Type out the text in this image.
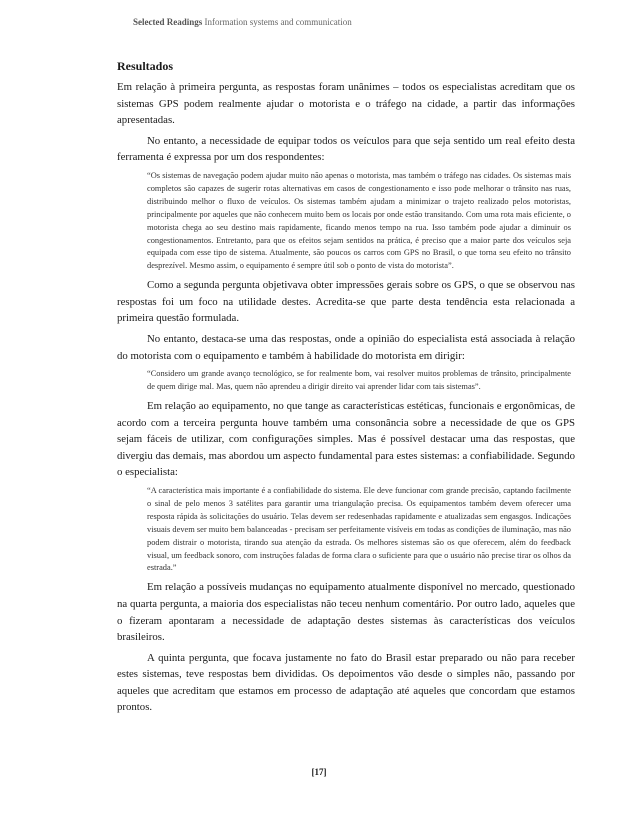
Selected Readings Information systems and communication
Resultados

Em relação à primeira pergunta, as respostas foram unânimes – todos os especialistas acreditam que os sistemas GPS podem realmente ajudar o motorista e o tráfego na cidade, a partir das informações apresentadas.

No entanto, a necessidade de equipar todos os veículos para que seja sentido um real efeito desta ferramenta é expressa por um dos respondentes:

“Os sistemas de navegação podem ajudar muito não apenas o motorista, mas também o tráfego nas cidades. Os sistemas mais completos são capazes de sugerir rotas alternativas em casos de congestionamento e isso pode melhorar o trânsito nas ruas, distribuindo melhor o fluxo de veículos. Os sistemas também ajudam a minimizar o trajeto realizado pelos motoristas, principalmente por aqueles que não conhecem muito bem os locais por onde estão transitando. Com uma rota mais eficiente, o motorista chega ao seu destino mais rapidamente, ficando menos tempo na rua. Isso também pode ajudar a diminuir os congestionamentos. Entretanto, para que os efeitos sejam sentidos na prática, é preciso que a maior parte dos veículos seja equipada com esse tipo de sistema. Atualmente, são poucos os carros com GPS no Brasil, o que torna seu efeito no trânsito desprezível. Mesmo assim, o equipamento é sempre útil sob o ponto de vista do motorista”.

Como a segunda pergunta objetivava obter impressões gerais sobre os GPS, o que se observou nas respostas foi um foco na utilidade destes. Acredita-se que parte desta tendência esta relacionada a primeira questão formulada.

No entanto, destaca-se uma das respostas, onde a opinião do especialista está associada à relação do motorista com o equipamento e também à habilidade do motorista em dirigir:

“Considero um grande avanço tecnológico, se for realmente bom, vai resolver muitos problemas de trânsito, principalmente de quem dirige mal. Mas, quem não aprendeu a dirigir direito vai aprender lidar com tais sistemas”.

Em relação ao equipamento, no que tange as características estéticas, funcionais e ergonômicas, de acordo com a terceira pergunta houve também uma consonância sobre a necessidade de que os GPS sejam fáceis de utilizar, com configurações simples. Mas é possível destacar uma das respostas, que divergiu das demais, mas abordou um aspecto fundamental para estes sistemas: a confiabilidade. Segundo o especialista:

“A característica mais importante é a confiabilidade do sistema. Ele deve funcionar com grande precisão, captando facilmente o sinal de pelo menos 3 satélites para garantir uma triangulação precisa. Os equipamentos também devem oferecer uma resposta rápida às solicitações do usuário. Telas devem ser redesenhadas rapidamente e atualizadas sem engasgos. Indicações visuais devem ser muito bem balanceadas - precisam ser perfeitamente visíveis em todas as condições de iluminação, mas não podem distrair o motorista, tirando sua atenção da estrada. Os melhores sistemas são os que oferecem, além do feedback visual, um feedback sonoro, com instruções faladas de forma clara o suficiente para que o usuário não precise tirar os olhos da estrada.”

Em relação a possíveis mudanças no equipamento atualmente disponível no mercado, questionado na quarta pergunta, a maioria dos especialistas não teceu nenhum comentário. Por outro lado, aqueles que o fizeram apontaram a necessidade de adaptação destes sistemas às características dos veículos brasileiros.

A quinta pergunta, que focava justamente no fato do Brasil estar preparado ou não para receber estes sistemas, teve respostas bem divididas. Os depoimentos vão desde o simples não, passando por aqueles que acreditam que estamos em processo de adaptação até aqueles que concordam que estamos prontos.

[17]
